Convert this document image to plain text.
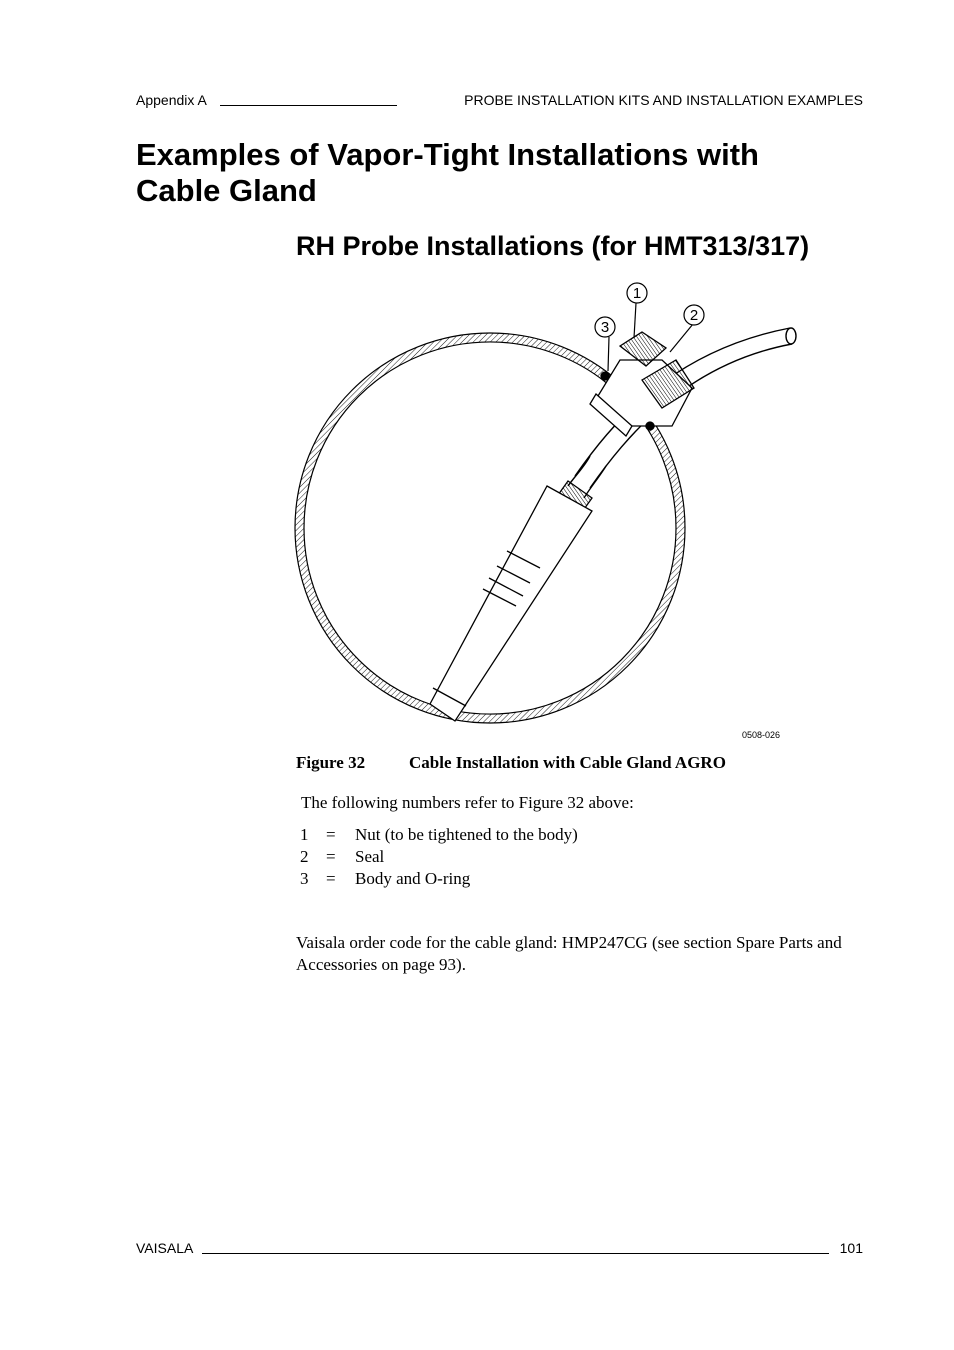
Appendix A	PROBE INSTALLATION KITS AND INSTALLATION EXAMPLES
Examples of Vapor-Tight Installations with Cable Gland
RH Probe Installations (for HMT313/317)
1
2
3
0508-026
Figure 32	Cable Installation with Cable Gland AGRO
The following numbers refer to Figure 32 above:
1 = Nut (to be tightened to the body)
2 = Seal
3 = Body and O-ring
Vaisala order code for the cable gland: HMP247CG (see section Spare Parts and Accessories on page 93).
VAISALA	101
